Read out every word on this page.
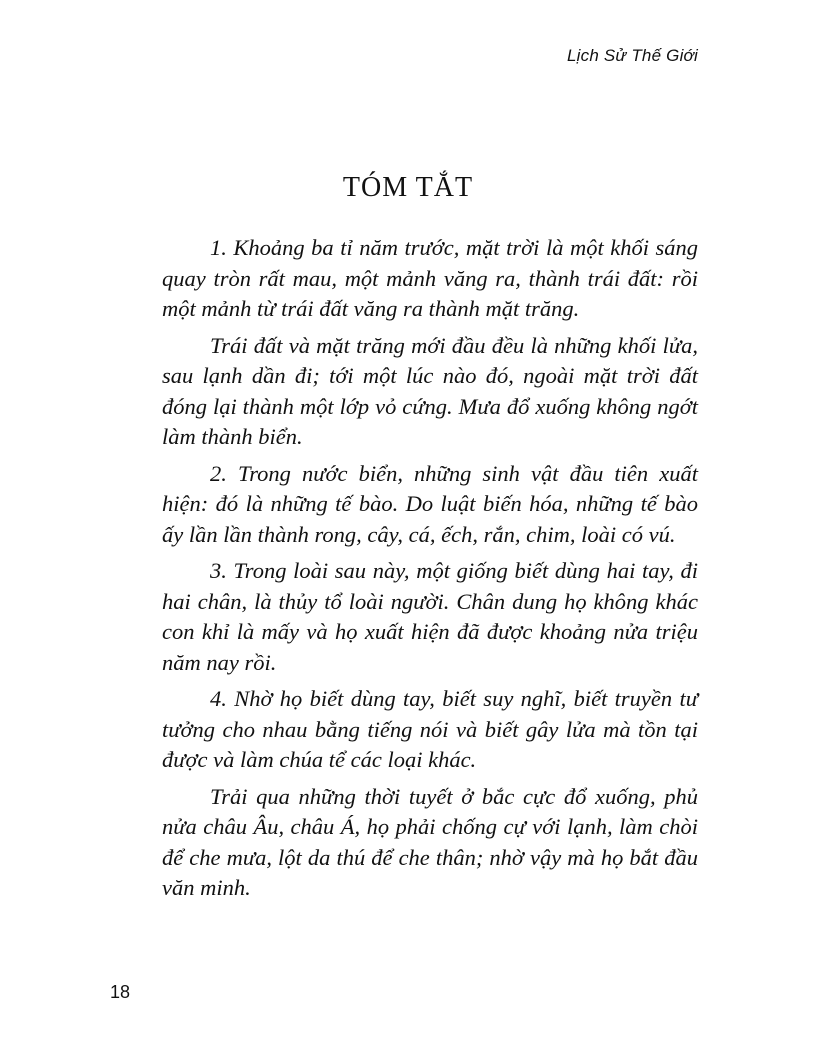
Lịch Sử Thế Giới
TÓM TẮT

1. Khoảng ba tỉ năm trước, mặt trời là một khối sáng quay tròn rất mau, một mảnh văng ra, thành trái đất: rồi một mảnh từ trái đất văng ra thành mặt trăng.

Trái đất và mặt trăng mới đầu đều là những khối lửa, sau lạnh dần đi; tới một lúc nào đó, ngoài mặt trời đất đóng lại thành một lớp vỏ cứng. Mưa đổ xuống không ngớt làm thành biển.

2. Trong nước biển, những sinh vật đầu tiên xuất hiện: đó là những tế bào. Do luật biến hóa, những tế bào ấy lần lần thành rong, cây, cá, ếch, rắn, chim, loài có vú.

3. Trong loài sau này, một giống biết dùng hai tay, đi hai chân, là thủy tổ loài người. Chân dung họ không khác con khỉ là mấy và họ xuất hiện đã được khoảng nửa triệu năm nay rồi.

4. Nhờ họ biết dùng tay, biết suy nghĩ, biết truyền tư tưởng cho nhau bằng tiếng nói và biết gây lửa mà tồn tại được và làm chúa tể các loại khác.

Trải qua những thời tuyết ở bắc cực đổ xuống, phủ nửa châu Âu, châu Á, họ phải chống cự với lạnh, làm chòi để che mưa, lột da thú để che thân; nhờ vậy mà họ bắt đầu văn minh.

18
